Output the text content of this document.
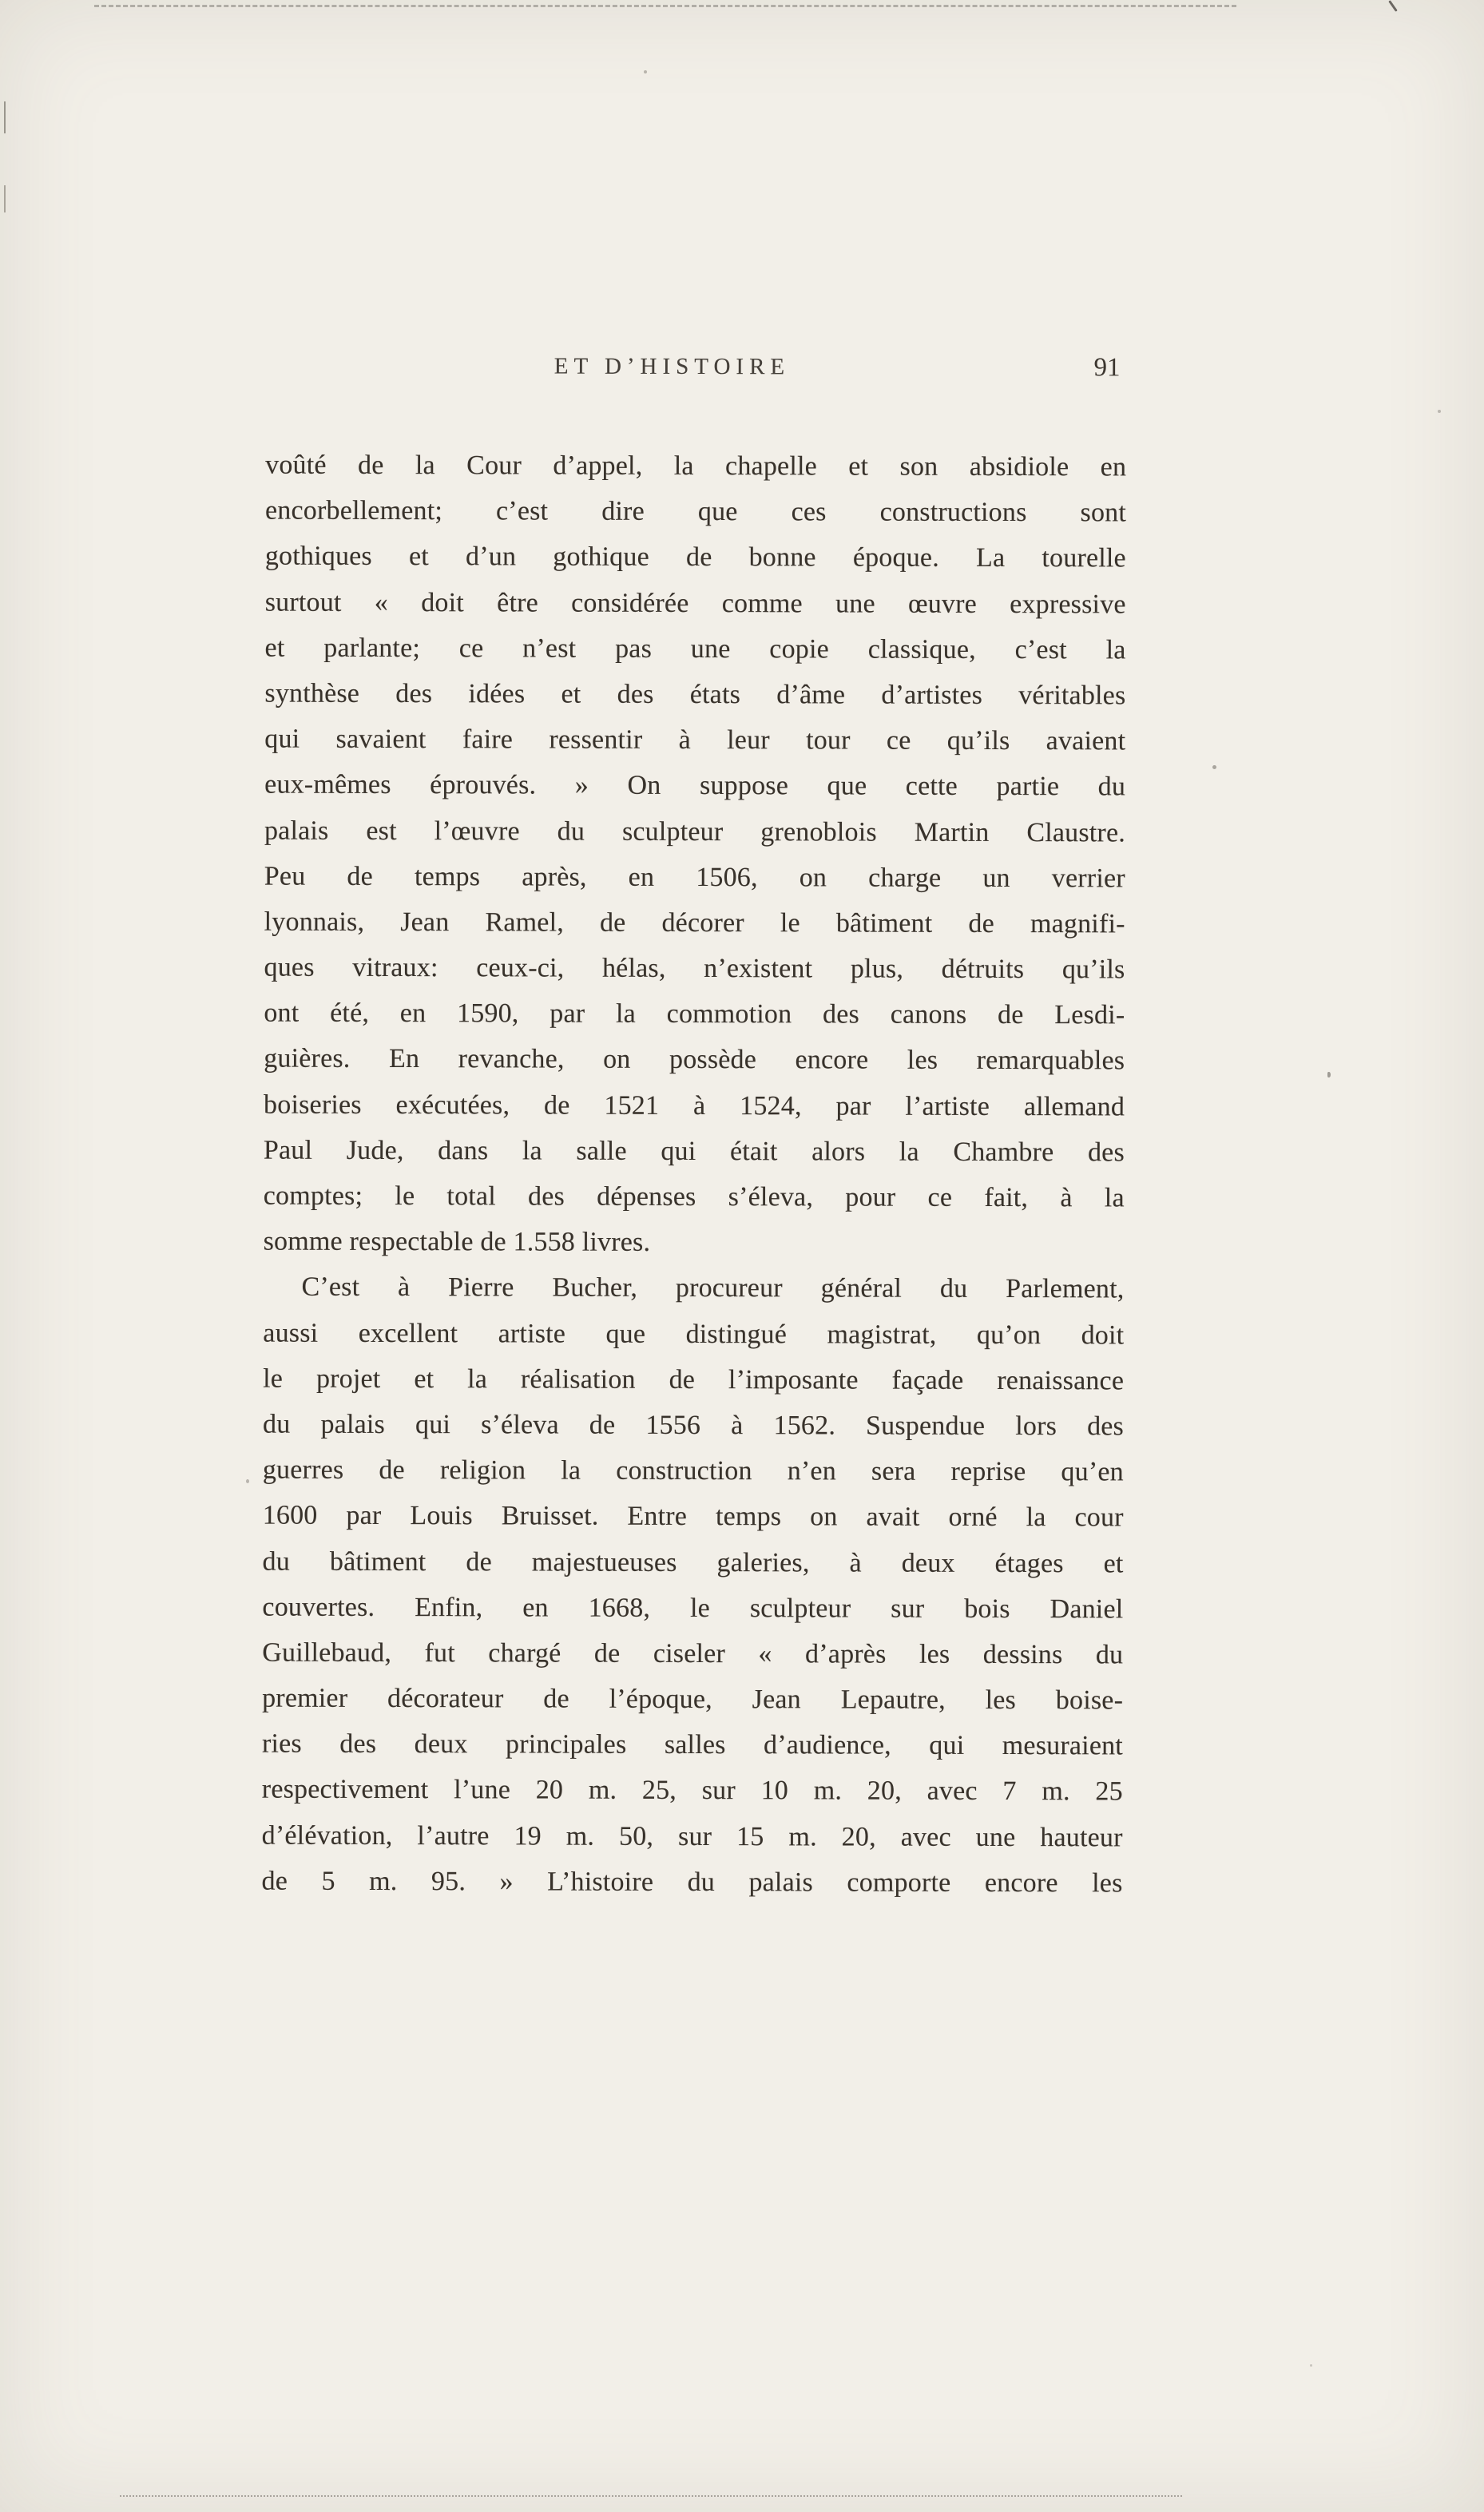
ET D’HISTOIRE	91
voûté de la Cour d’appel, la chapelle et son absidiole en
encorbellement; c’est dire que ces constructions sont
gothiques et d’un gothique de bonne époque. La tourelle
surtout « doit être considérée comme une œuvre expressive
et parlante; ce n’est pas une copie classique, c’est la
synthèse des idées et des états d’âme d’artistes véritables
qui savaient faire ressentir à leur tour ce qu’ils avaient
eux-mêmes éprouvés. » On suppose que cette partie du
palais est l’œuvre du sculpteur grenoblois Martin Claustre.
Peu de temps après, en 1506, on charge un verrier
lyonnais, Jean Ramel, de décorer le bâtiment de magnifi-
ques vitraux: ceux-ci, hélas, n’existent plus, détruits qu’ils
ont été, en 1590, par la commotion des canons de Lesdi-
guières. En revanche, on possède encore les remarquables
boiseries exécutées, de 1521 à 1524, par l’artiste allemand
Paul Jude, dans la salle qui était alors la Chambre des
comptes; le total des dépenses s’éleva, pour ce fait, à la
somme respectable de 1.558 livres.
C’est à Pierre Bucher, procureur général du Parlement,
aussi excellent artiste que distingué magistrat, qu’on doit
le projet et la réalisation de l’imposante façade renaissance
du palais qui s’éleva de 1556 à 1562. Suspendue lors des
guerres de religion la construction n’en sera reprise qu’en
1600 par Louis Bruisset. Entre temps on avait orné la cour
du bâtiment de majestueuses galeries, à deux étages et
couvertes. Enfin, en 1668, le sculpteur sur bois Daniel
Guillebaud, fut chargé de ciseler « d’après les dessins du
premier décorateur de l’époque, Jean Lepautre, les boise-
ries des deux principales salles d’audience, qui mesuraient
respectivement l’une 20 m. 25, sur 10 m. 20, avec 7 m. 25
d’élévation, l’autre 19 m. 50, sur 15 m. 20, avec une hauteur
de 5 m. 95. » L’histoire du palais comporte encore les
